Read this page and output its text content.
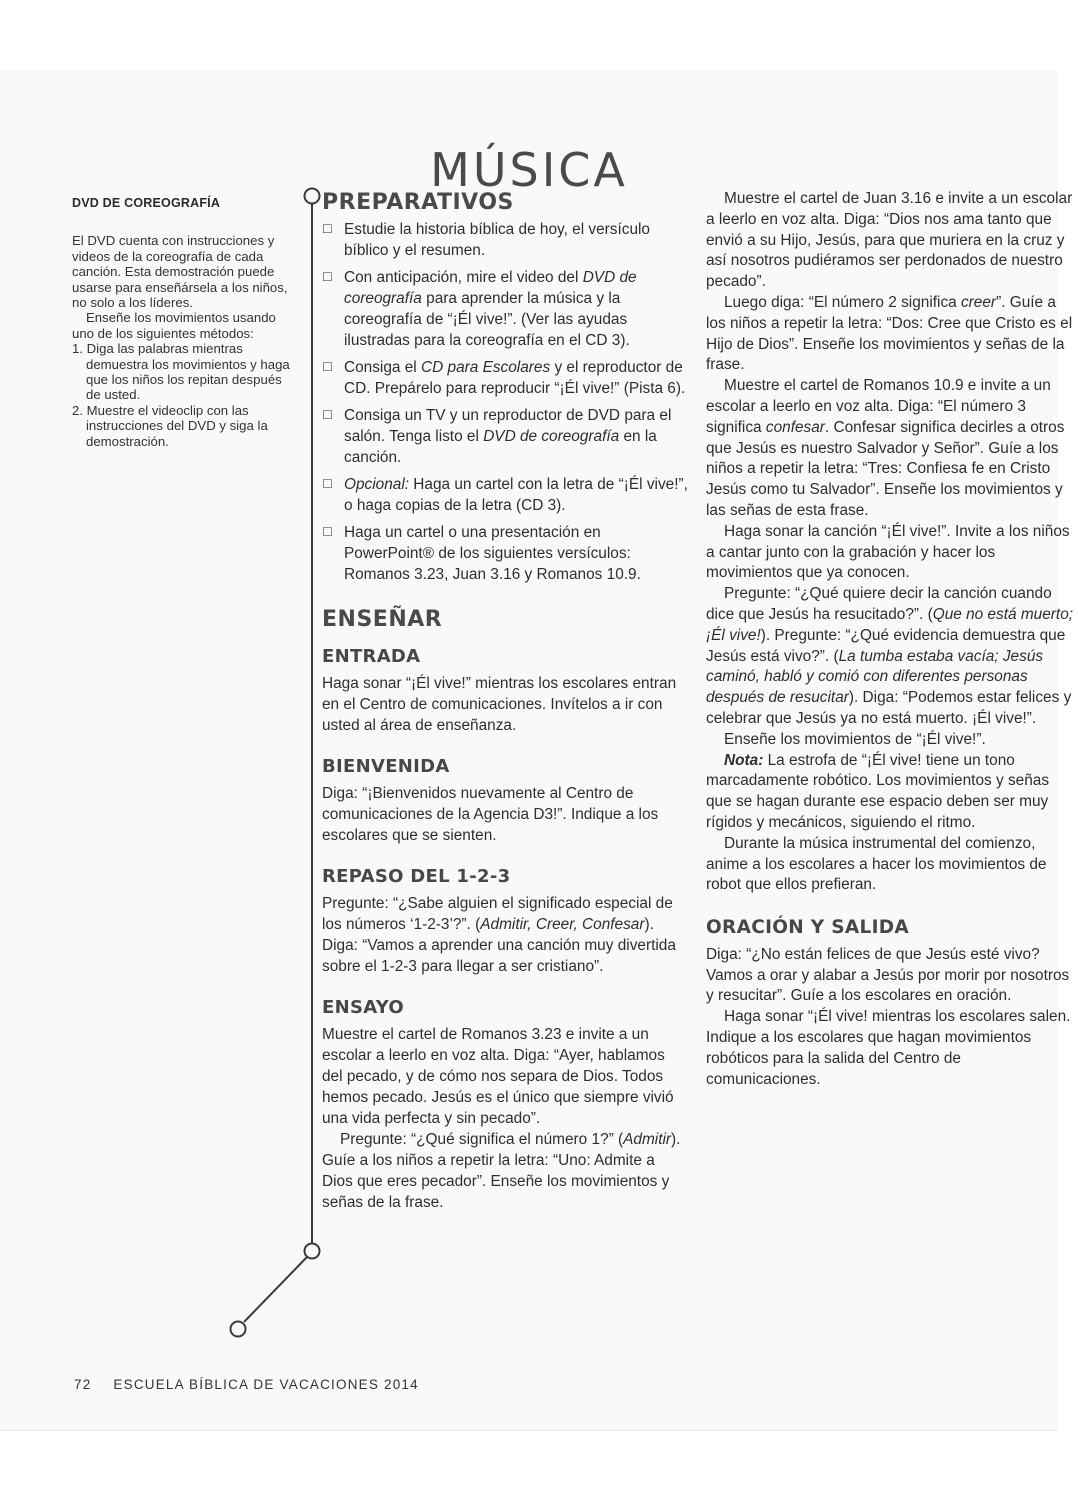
MÚSICA
DVD DE COREOGRAFÍA

El DVD cuenta con instrucciones y videos de la coreografía de cada canción. Esta demostración puede usarse para enseñársela a los niños, no solo a los líderes.

Enseñe los movimientos usando uno de los siguientes métodos:

1. Diga las palabras mientras demuestra los movimientos y haga que los niños los repitan después de usted.
2. Muestre el videoclip con las instrucciones del DVD y siga la demostración.
PREPARATIVOS
☐ Estudie la historia bíblica de hoy, el versículo bíblico y el resumen.
☐ Con anticipación, mire el video del DVD de coreografía para aprender la música y la coreografía de “¡Él vive!”. (Ver las ayudas ilustradas para la coreografía en el CD 3).
☐ Consiga el CD para Escolares y el reproductor de CD. Prepárelo para reproducir “¡Él vive!” (Pista 6).
☐ Consiga un TV y un reproductor de DVD para el salón. Tenga listo el DVD de coreografía en la canción.
☐ Opcional: Haga un cartel con la letra de “¡Él vive!”, o haga copias de la letra (CD 3).
☐ Haga un cartel o una presentación en PowerPoint® de los siguientes versículos: Romanos 3.23, Juan 3.16 y Romanos 10.9.
ENSEÑAR
ENTRADA

Haga sonar “¡Él vive!” mientras los escolares entran en el Centro de comunicaciones. Invítelos a ir con usted al área de enseñanza.

BIENVENIDA

Diga: “¡Bienvenidos nuevamente al Centro de comunicaciones de la Agencia D3!”. Indique a los escolares que se sienten.

REPASO DEL 1-2-3

Pregunte: “¿Sabe alguien el significado especial de los números ‘1-2-3’?”. (Admitir, Creer, Confesar). Diga: “Vamos a aprender una canción muy divertida sobre el 1-2-3 para llegar a ser cristiano”.

ENSAYO

Muestre el cartel de Romanos 3.23 e invite a un escolar a leerlo en voz alta. Diga: “Ayer, hablamos del pecado, y de cómo nos separa de Dios. Todos hemos pecado. Jesús es el único que siempre vivió una vida perfecta y sin pecado”.

Pregunte: “¿Qué significa el número 1?” (Admitir). Guíe a los niños a repetir la letra: “Uno: Admite a Dios que eres pecador”. Enseñe los movimientos y señas de la frase.

Muestre el cartel de Juan 3.16 e invite a un escolar a leerlo en voz alta. Diga: “Dios nos ama tanto que envió a su Hijo, Jesús, para que muriera en la cruz y así nosotros pudiéramos ser perdonados de nuestro pecado”.

Luego diga: “El número 2 significa creer”. Guíe a los niños a repetir la letra: “Dos: Cree que Cristo es el Hijo de Dios”. Enseñe los movimientos y señas de la frase.

Muestre el cartel de Romanos 10.9 e invite a un escolar a leerlo en voz alta. Diga: “El número 3 significa confesar. Confesar significa decirles a otros que Jesús es nuestro Salvador y Señor”. Guíe a los niños a repetir la letra: “Tres: Confiesa fe en Cristo Jesús como tu Salvador”. Enseñe los movimientos y las señas de esta frase.

Haga sonar la canción “¡Él vive!”. Invite a los niños a cantar junto con la grabación y hacer los movimientos que ya conocen.

Pregunte: “¿Qué quiere decir la canción cuando dice que Jesús ha resucitado?”. (Que no está muerto; ¡Él vive!). Pregunte: “¿Qué evidencia demuestra que Jesús está vivo?”. (La tumba estaba vacía; Jesús caminó, habló y comió con diferentes personas después de resucitar). Diga: “Podemos estar felices y celebrar que Jesús ya no está muerto. ¡Él vive!”.

Enseñe los movimientos de “¡Él vive!”.

Nota: La estrofa de “¡Él vive! tiene un tono marcadamente robótico. Los movimientos y señas que se hagan durante ese espacio deben ser muy rígidos y mecánicos, siguiendo el ritmo.

Durante la música instrumental del comienzo, anime a los escolares a hacer los movimientos de robot que ellos prefieran.

ORACIÓN Y SALIDA

Diga: “¿No están felices de que Jesús esté vivo? Vamos a orar y alabar a Jesús por morir por nosotros y resucitar”. Guíe a los escolares en oración.

Haga sonar “¡Él vive! mientras los escolares salen. Indique a los escolares que hagan movimientos robóticos para la salida del Centro de comunicaciones.

72 ESCUELA BÍBLICA DE VACACIONES 2014
